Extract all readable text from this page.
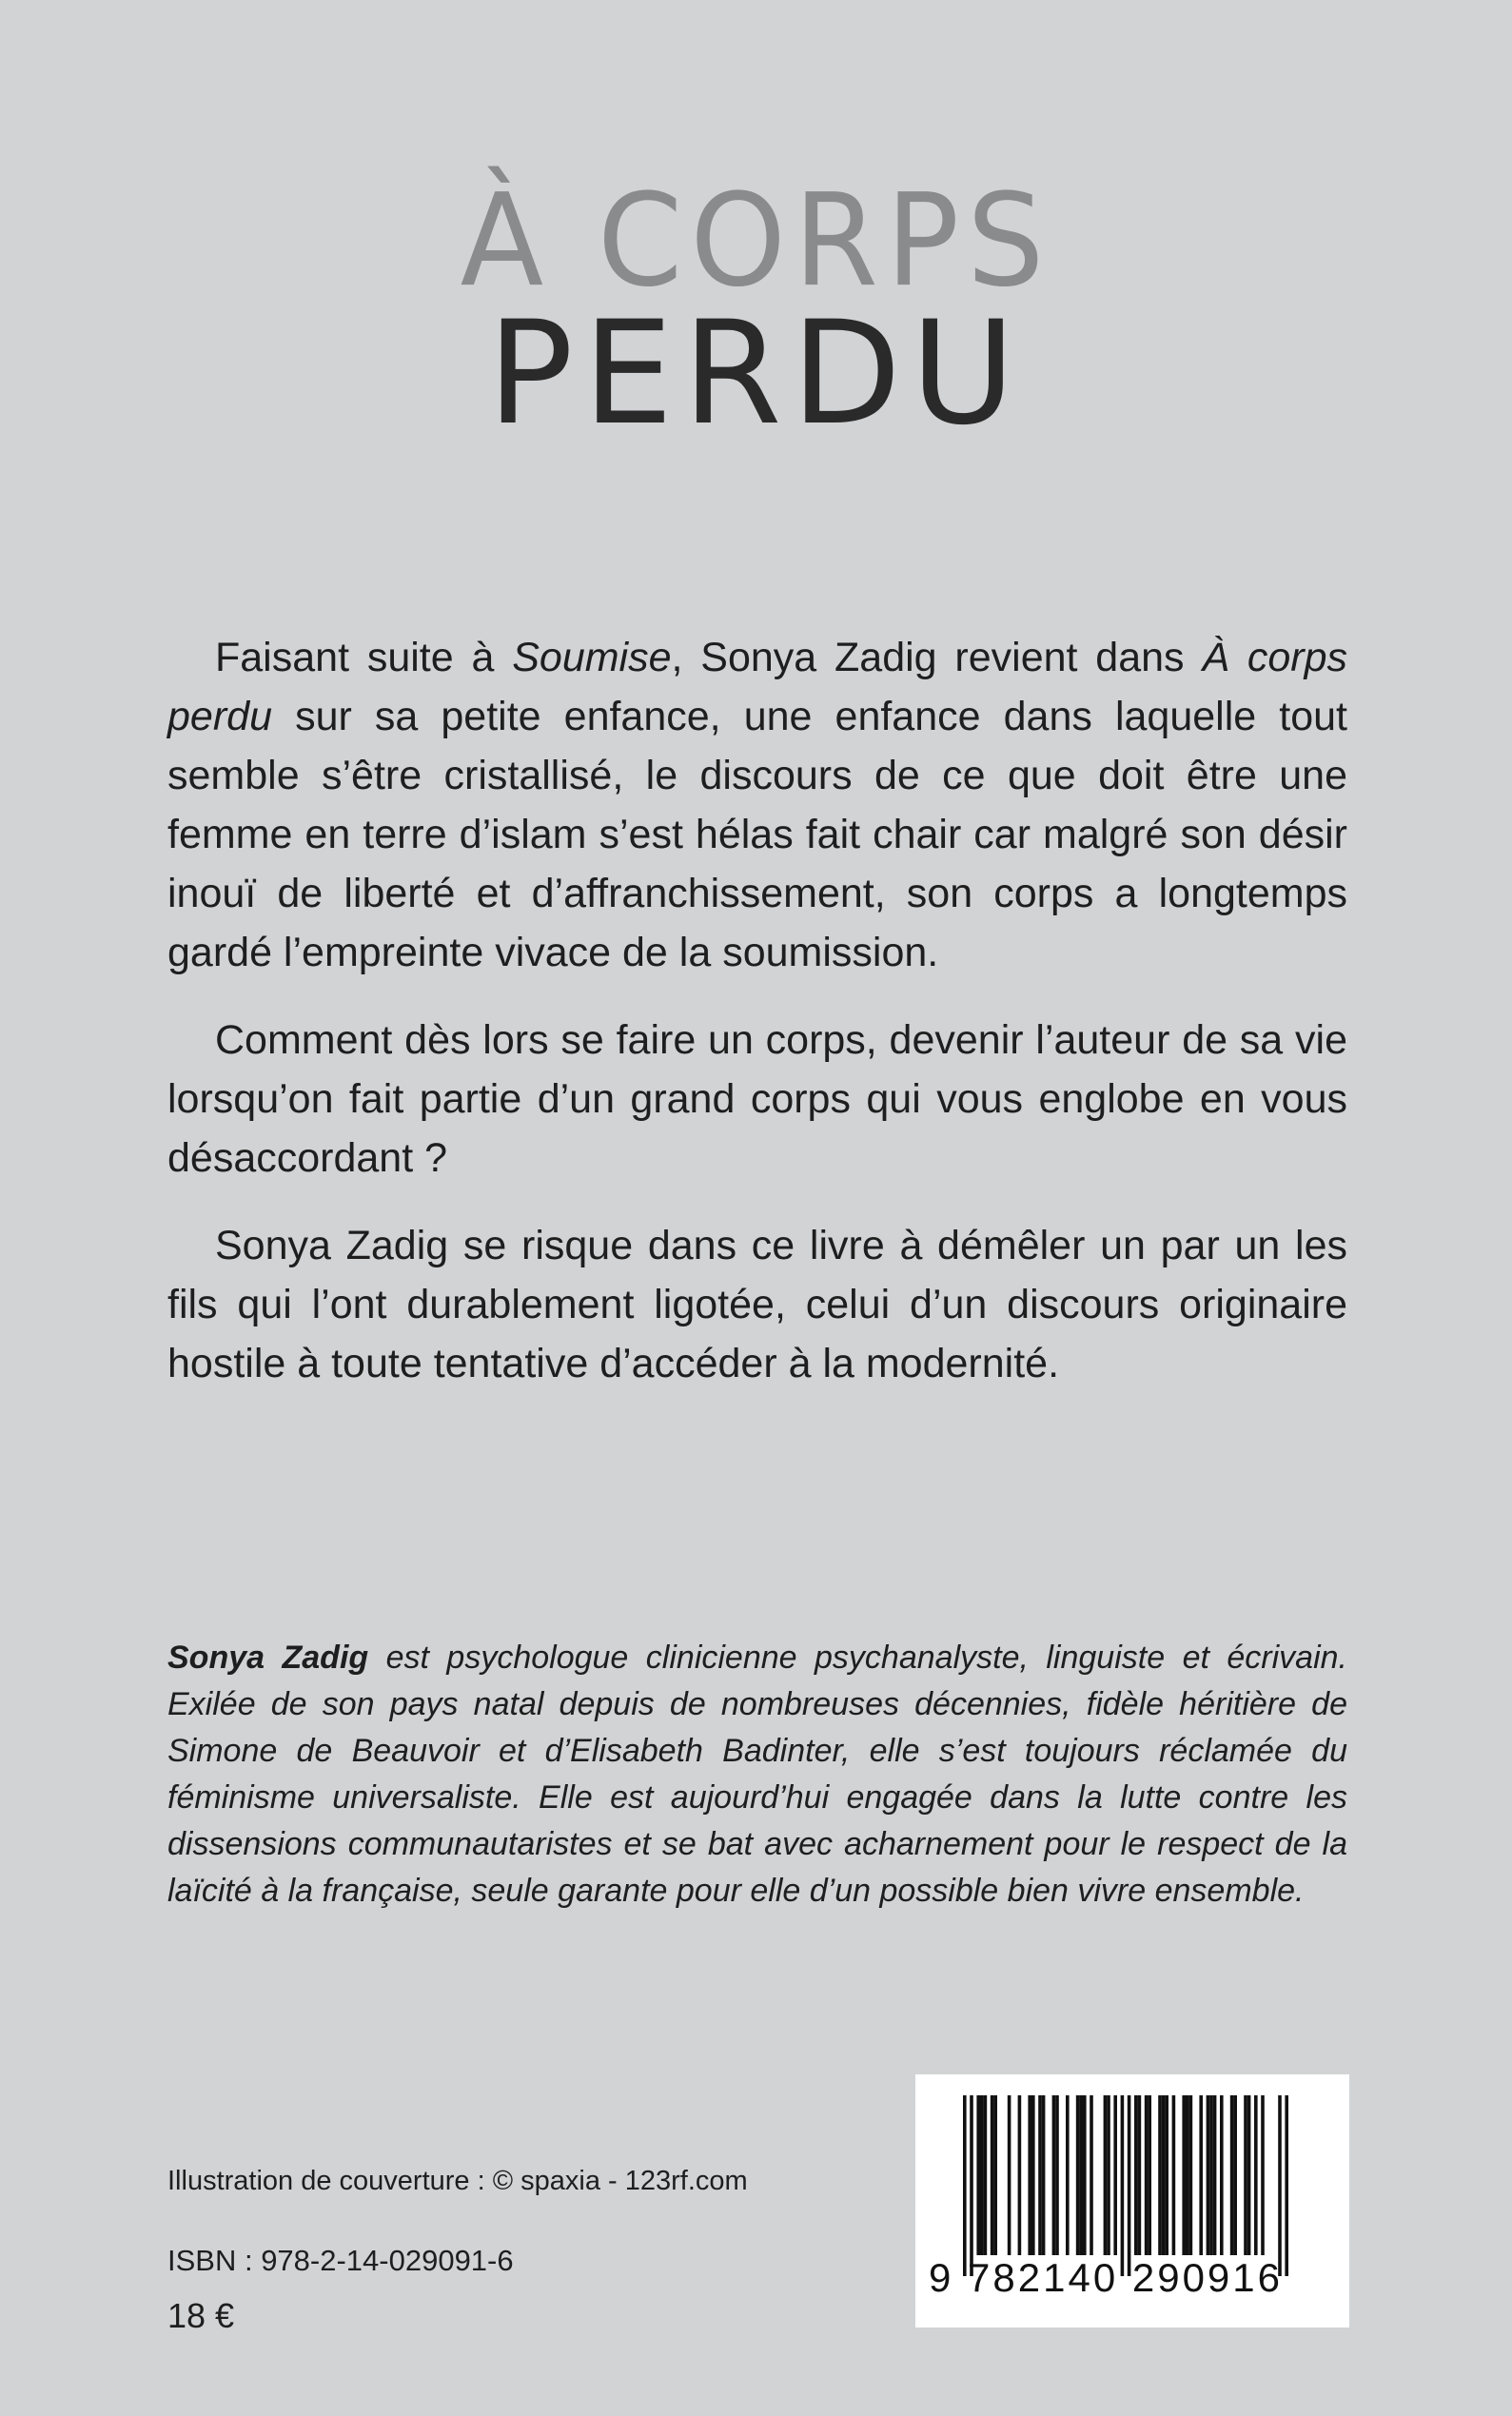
À CORPS
PERDU

Faisant suite à Soumise, Sonya Zadig revient dans À corps perdu sur sa petite enfance, une enfance dans laquelle tout semble s’être cristallisé, le discours de ce que doit être une femme en terre d’islam s’est hélas fait chair car malgré son désir inouï de liberté et d’affranchissement, son corps a longtemps gardé l’empreinte vivace de la soumission.

Comment dès lors se faire un corps, devenir l’auteur de sa vie lorsqu’on fait partie d’un grand corps qui vous englobe en vous désaccordant ?

Sonya Zadig se risque dans ce livre à démêler un par un les fils qui l’ont durablement ligotée, celui d’un discours originaire hostile à toute tentative d’accéder à la modernité.

Sonya Zadig est psychologue clinicienne psychanalyste, linguiste et écrivain. Exilée de son pays natal depuis de nombreuses décennies, fidèle héritière de Simone de Beauvoir et d’Elisabeth Badinter, elle s’est toujours réclamée du féminisme universaliste. Elle est aujourd’hui engagée dans la lutte contre les dissensions communautaristes et se bat avec acharnement pour le respect de la laïcité à la française, seule garante pour elle d’un possible bien vivre ensemble.
Illustration de couverture : © spaxia - 123rf.com
ISBN : 978-2-14-029091-6
18 €
9 782140 290916
